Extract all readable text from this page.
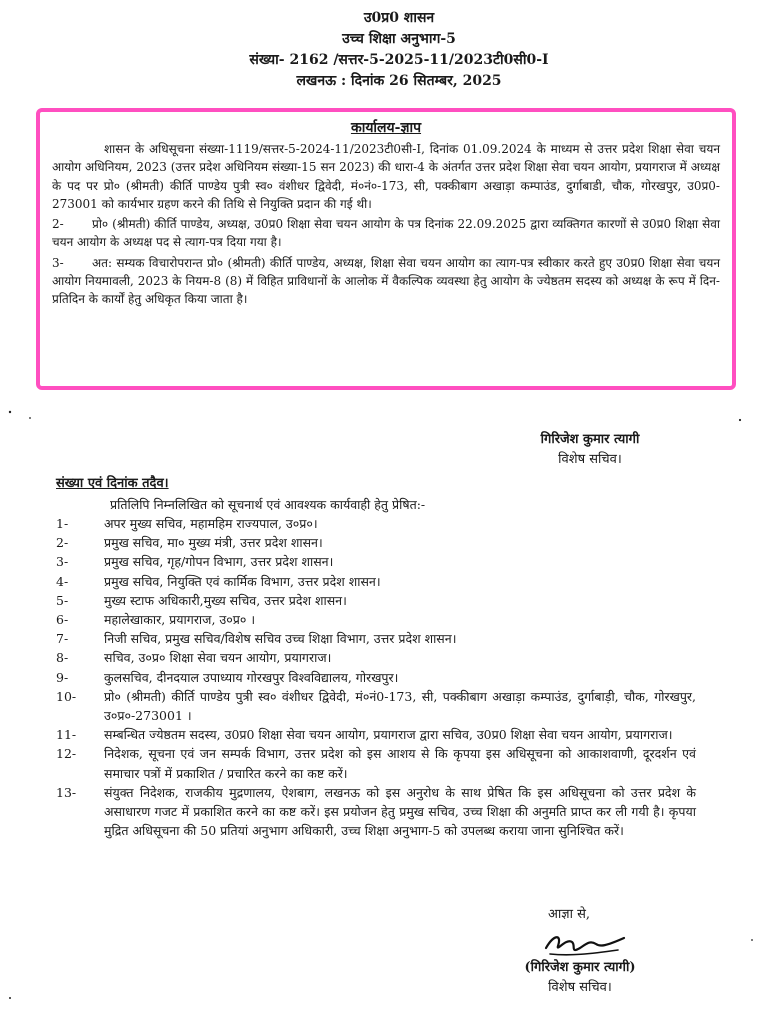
उ0प्र0 शासन
उच्च शिक्षा अनुभाग-5
संख्या- 2162 /सत्तर-5-2025-11/2023टी0सी0-I
लखनऊ : दिनांक 26 सितम्बर, 2025
कार्यालय-ज्ञाप

शासन के अधिसूचना संख्या-1119/सत्तर-5-2024-11/2023टी0सी-I, दिनांक 01.09.2024 के माध्यम से उत्तर प्रदेश शिक्षा सेवा चयन आयोग अधिनियम, 2023 (उत्तर प्रदेश अधिनियम संख्या-15 सन 2023) की धारा-4 के अंतर्गत उत्तर प्रदेश शिक्षा सेवा चयन आयोग, प्रयागराज में अध्यक्ष के पद पर प्रो० (श्रीमती) कीर्ति पाण्डेय पुत्री स्व० वंशीधर द्विवेदी, मं०नं०-173, सी, पक्कीबाग अखाड़ा कम्पाउंड, दुर्गाबाडी, चौक, गोरखपुर, उ0प्र0-273001 को कार्यभार ग्रहण करने की तिथि से नियुक्ति प्रदान की गई थी।

2- प्रो० (श्रीमती) कीर्ति पाण्डेय, अध्यक्ष, उ0प्र0 शिक्षा सेवा चयन आयोग के पत्र दिनांक 22.09.2025 द्वारा व्यक्तिगत कारणों से उ0प्र0 शिक्षा सेवा चयन आयोग के अध्यक्ष पद से त्याग-पत्र दिया गया है।

3- अत: सम्यक विचारोपरान्त प्रो० (श्रीमती) कीर्ति पाण्डेय, अध्यक्ष, शिक्षा सेवा चयन आयोग का त्याग-पत्र स्वीकार करते हुए उ0प्र0 शिक्षा सेवा चयन आयोग नियमावली, 2023 के नियम-8 (8) में विहित प्राविधानों के आलोक में वैकल्पिक व्यवस्था हेतु आयोग के ज्येष्ठतम सदस्य को अध्यक्ष के रूप में दिन-प्रतिदिन के कार्यों हेतु अधिकृत किया जाता है।

गिरिजेश कुमार त्यागी
विशेष सचिव।
संख्या एवं दिनांक तदैव।
प्रतिलिपि निम्नलिखित को सूचनार्थ एवं आवश्यक कार्यवाही हेतु प्रेषित:-
1-	अपर मुख्य सचिव, महामहिम राज्यपाल, उ०प्र०।
2-	प्रमुख सचिव, मा० मुख्य मंत्री, उत्तर प्रदेश शासन।
3-	प्रमुख सचिव, गृह/गोपन विभाग, उत्तर प्रदेश शासन।
4-	प्रमुख सचिव, नियुक्ति एवं कार्मिक विभाग, उत्तर प्रदेश शासन।
5-	मुख्य स्टाफ अधिकारी,मुख्य सचिव, उत्तर प्रदेश शासन।
6-	महालेखाकार, प्रयागराज, उ०प्र० ।
7-	निजी सचिव, प्रमुख सचिव/विशेष सचिव उच्च शिक्षा विभाग, उत्तर प्रदेश शासन।
8-	सचिव, उ०प्र० शिक्षा सेवा चयन आयोग, प्रयागराज।
9-	कुलसचिव, दीनदयाल उपाध्याय गोरखपुर विश्वविद्यालय, गोरखपुर।
10-	प्रो० (श्रीमती) कीर्ति पाण्डेय पुत्री स्व० वंशीधर द्विवेदी, मं०नं0-173, सी, पक्कीबाग अखाड़ा कम्पाउंड, दुर्गाबाड़ी, चौक, गोरखपुर, उ०प्र०-273001 ।
11-	सम्बन्धित ज्येष्ठतम सदस्य, उ0प्र0 शिक्षा सेवा चयन आयोग, प्रयागराज द्वारा सचिव, उ0प्र0 शिक्षा सेवा चयन आयोग, प्रयागराज।
12-	निदेशक, सूचना एवं जन सम्पर्क विभाग, उत्तर प्रदेश को इस आशय से कि कृपया इस अधिसूचना को आकाशवाणी, दूरदर्शन एवं समाचार पत्रों में प्रकाशित / प्रचारित करने का कष्ट करें।
13-	संयुक्त निदेशक, राजकीय मुद्रणालय, ऐशबाग, लखनऊ को इस अनुरोध के साथ प्रेषित कि इस अधिसूचना को उत्तर प्रदेश के असाधारण गजट में प्रकाशित करने का कष्ट करें। इस प्रयोजन हेतु प्रमुख सचिव, उच्च शिक्षा की अनुमति प्राप्त कर ली गयी है। कृपया मुद्रित अधिसूचना की 50 प्रतियां अनुभाग अधिकारी, उच्च शिक्षा अनुभाग-5 को उपलब्ध कराया जाना सुनिश्चित करें।
आज्ञा से,
(गिरिजेश कुमार त्यागी)
विशेष सचिव।
